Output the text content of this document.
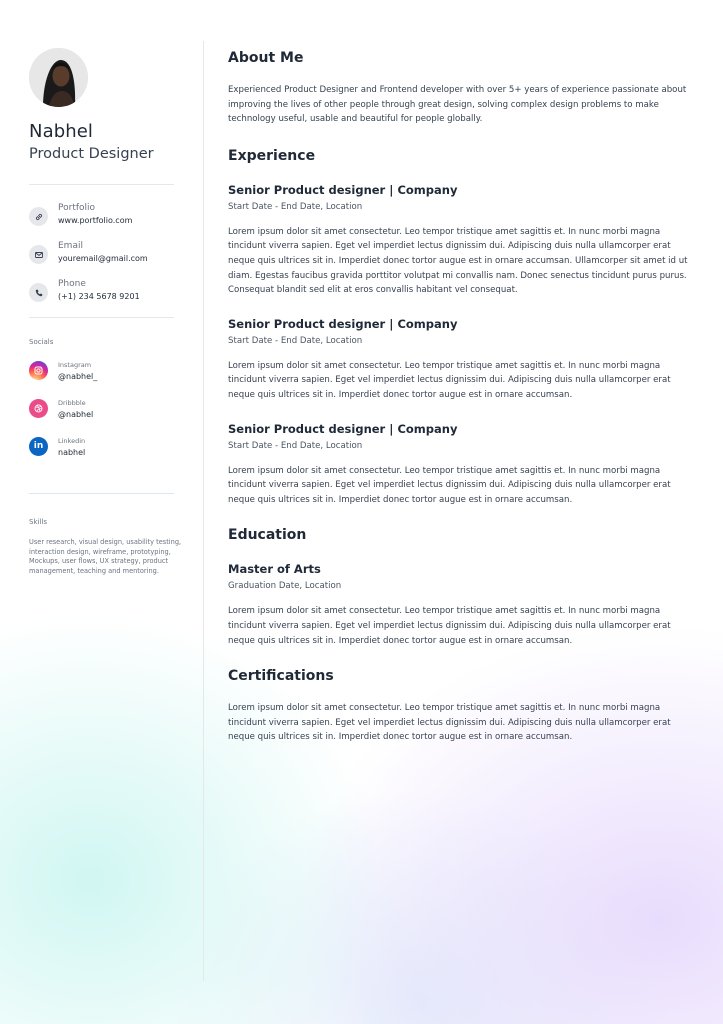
Nabhel
Product Designer
Portfolio
www.portfolio.com
Email
youremail@gmail.com
Phone
(+1) 234 5678 9201
Socials
Instagram
@nabhel_
Dribbble
@nabhel
in Linkedin
nabhel
Skills
User research, visual design, usability testing, interaction design, wireframe, prototyping, Mockups, user flows, UX strategy, product management, teaching and mentoring.
About Me

Experienced Product Designer and Frontend developer with over 5+ years of experience passionate about improving the lives of other people through great design, solving complex design problems to make technology useful, usable and beautiful for people globally.

Experience
Senior Product designer | Company
Start Date - End Date, Location

Lorem ipsum dolor sit amet consectetur. Leo tempor tristique amet sagittis et. In nunc morbi magna tincidunt viverra sapien. Eget vel imperdiet lectus dignissim dui. Adipiscing duis nulla ullamcorper erat neque quis ultrices sit in. Imperdiet donec tortor augue est in ornare accumsan. Ullamcorper sit amet id ut diam. Egestas faucibus gravida porttitor volutpat mi convallis nam. Donec senectus tincidunt purus purus. Consequat blandit sed elit at eros convallis habitant vel consequat.

Senior Product designer | Company
Start Date - End Date, Location

Lorem ipsum dolor sit amet consectetur. Leo tempor tristique amet sagittis et. In nunc morbi magna tincidunt viverra sapien. Eget vel imperdiet lectus dignissim dui. Adipiscing duis nulla ullamcorper erat neque quis ultrices sit in. Imperdiet donec tortor augue est in ornare accumsan.

Senior Product designer | Company
Start Date - End Date, Location

Lorem ipsum dolor sit amet consectetur. Leo tempor tristique amet sagittis et. In nunc morbi magna tincidunt viverra sapien. Eget vel imperdiet lectus dignissim dui. Adipiscing duis nulla ullamcorper erat neque quis ultrices sit in. Imperdiet donec tortor augue est in ornare accumsan.

Education
Master of Arts
Graduation Date, Location

Lorem ipsum dolor sit amet consectetur. Leo tempor tristique amet sagittis et. In nunc morbi magna tincidunt viverra sapien. Eget vel imperdiet lectus dignissim dui. Adipiscing duis nulla ullamcorper erat neque quis ultrices sit in. Imperdiet donec tortor augue est in ornare accumsan.

Certifications

Lorem ipsum dolor sit amet consectetur. Leo tempor tristique amet sagittis et. In nunc morbi magna tincidunt viverra sapien. Eget vel imperdiet lectus dignissim dui. Adipiscing duis nulla ullamcorper erat neque quis ultrices sit in. Imperdiet donec tortor augue est in ornare accumsan.
